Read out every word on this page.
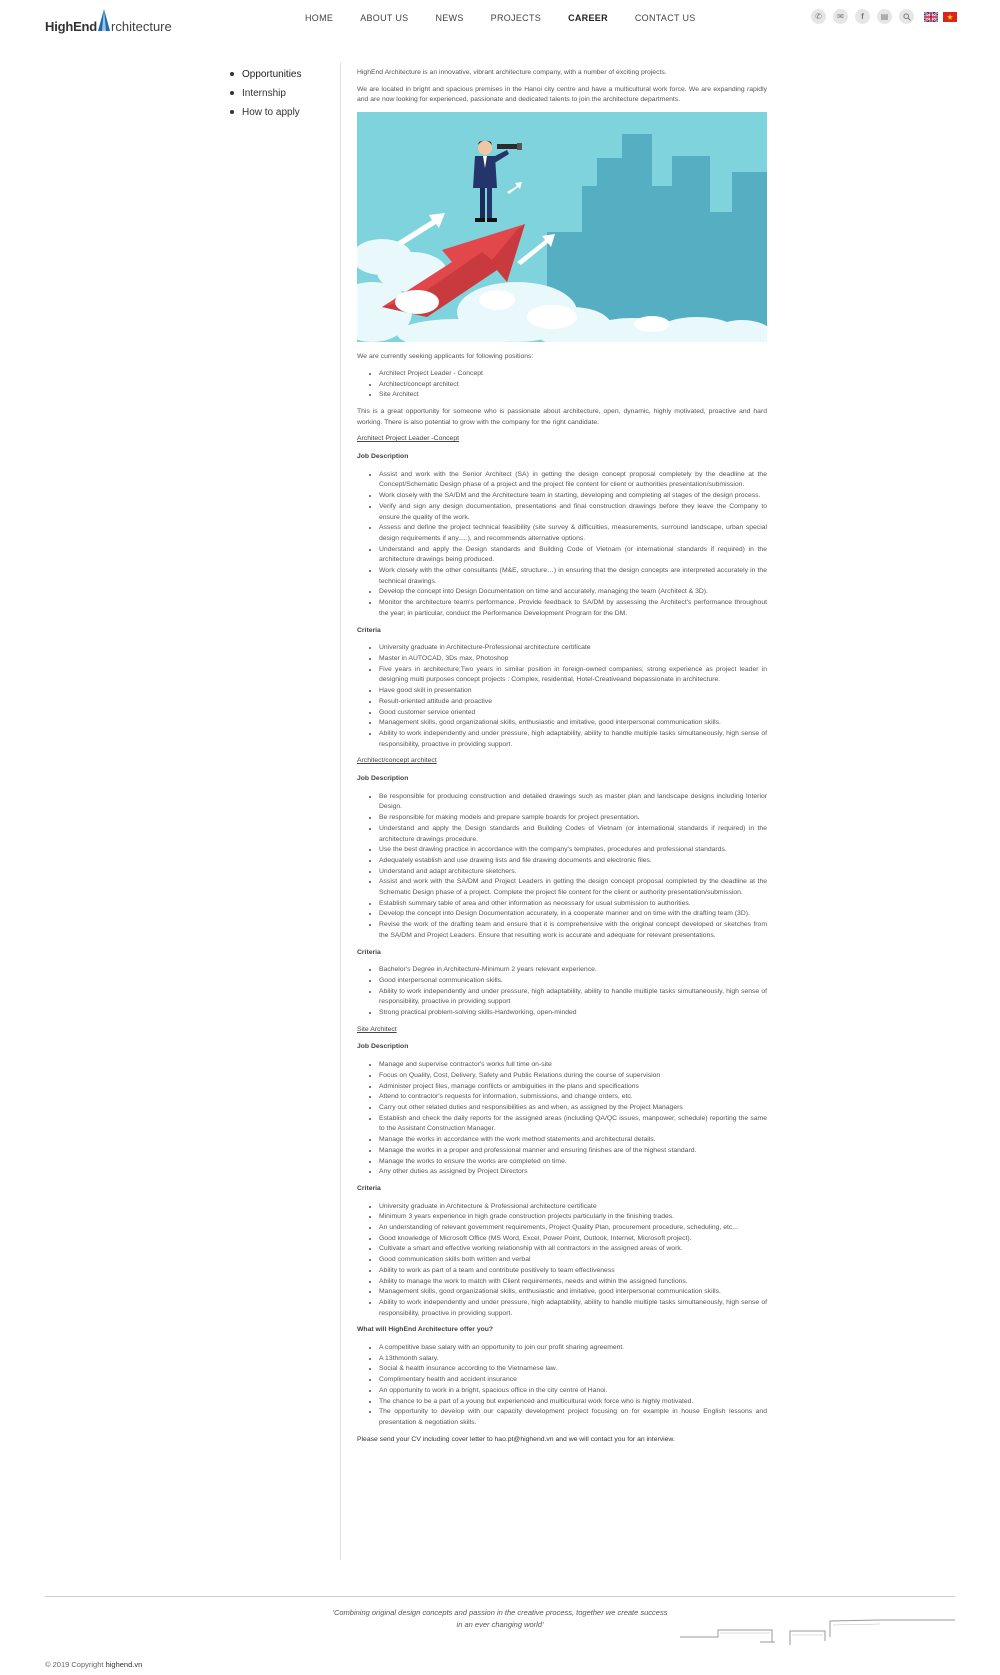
HighEnd rchitecture
HOME	ABOUT US	NEWS	PROJECTS	CAREER	CONTACT US	✆	✉	f	▤
Opportunities
Internship
How to apply

HighEnd Architecture is an innovative, vibrant architecture company, with a number of exciting projects.

We are located in bright and spacious premises in the Hanoi city centre and have a multicultural work force. We are expanding rapidly and are now looking for experienced, passionate and dedicated talents to join the architecture departments.

We are currently seeking applicants for following positions:

• Architect Project Leader - Concept
• Architect/concept architect
• Site Architect

This is a great opportunity for someone who is passionate about architecture, open, dynamic, highly motivated, proactive and hard working. There is also potential to grow with the company for the right candidate.

Architect Project Leader -Concept
Job Description
• Assist and work with the Senior Architect (SA) in getting the design concept proposal completely by the deadline at the Concept/Schematic Design phase of a project and the project file content for client or authorities presentation/submission.
• Work closely with the SA/DM and the Architecture team in starting, developing and completing all stages of the design process.
• Verify and sign any design documentation, presentations and final construction drawings before they leave the Company to ensure the quality of the work.
• Assess and define the project technical feasibility (site survey & difficulties, measurements, surround landscape, urban special design requirements if any.....), and recommends alternative options.
• Understand and apply the Design standards and Building Code of Vietnam (or international standards if required) in the architecture drawings being produced.
• Work closely with the other consultants (M&E, structure…) in ensuring that the design concepts are interpreted accurately in the technical drawings.
• Develop the concept into Design Documentation on time and accurately, managing the team (Architect & 3D).
• Monitor the architecture team's performance. Provide feedback to SA/DM by assessing the Architect's performance throughout the year; in particular, conduct the Performance Development Program for the DM.
Criteria
• University graduate in Architecture-Professional architecture certificate
• Master in AUTOCAD, 3Ds max, Photoshop
• Five years in architecture;Two years in similar position in foreign-owned companies; strong experience as project leader in designing multi purposes concept projects : Complex, residential, Hotel-Creativeand bepassionate in architecture.
• Have good skill in presentation
• Result-oriented attitude and proactive
• Good customer service oriented
• Management skills, good organizational skills, enthusiastic and imitative, good interpersonal communication skills.
• Ability to work independently and under pressure, high adaptability, ability to handle multiple tasks simultaneously, high sense of responsibility, proactive in providing support.
Architect/concept architect
Job Description
• Be responsible for producing construction and detailed drawings such as master plan and landscape designs including Interior Design.
• Be responsible for making models and prepare sample boards for project presentation.
• Understand and apply the Design standards and Building Codes of Vietnam (or international standards if required) in the architecture drawings procedure.
• Use the best drawing practice in accordance with the company's templates, procedures and professional standards.
• Adequately establish and use drawing lists and file drawing documents and electronic files.
• Understand and adapt architecture sketchers.
• Assist and work with the SA/DM and Project Leaders in getting the design concept proposal completed by the deadline at the Schematic Design phase of a project. Complete the project file content for the client or authority presentation/submission.
• Establish summary table of area and other information as necessary for usual submission to authorities.
• Develop the concept into Design Documentation accurately, in a cooperate manner and on time with the drafting team (3D).
• Revise the work of the drafting team and ensure that it is comprehensive with the original concept developed or sketches from the SA/DM and Project Leaders. Ensure that resulting work is accurate and adequate for relevant presentations.
Criteria
• Bachelor's Degree in Architecture-Minimum 2 years relevant experience.
• Good interpersonal communication skills.
• Ability to work independently and under pressure, high adaptability, ability to handle multiple tasks simultaneously, high sense of responsibility, proactive in providing support
• Strong practical problem-solving skills-Hardworking, open-minded
Site Architect
Job Description
• Manage and supervise contractor's works full time on-site
• Focus on Quality, Cost, Delivery, Safety and Public Relations during the course of supervision
• Administer project files, manage conflicts or ambiguities in the plans and specifications
• Attend to contractor's requests for information, submissions, and change orders, etc.
• Carry out other related duties and responsibilities as and when, as assigned by the Project Managers
• Establish and check the daily reports for the assigned areas (including QA/QC issues, manpower, schedule) reporting the same to the Assistant Construction Manager.
• Manage the works in accordance with the work method statements and architectural details.
• Manage the works in a proper and professional manner and ensuring finishes are of the highest standard.
• Manage the works to ensure the works are completed on time.
• Any other duties as assigned by Project Directors
Criteria
• University graduate in Architecture & Professional architecture certificate
• Minimum 3 years experience in high grade construction projects particularly in the finishing trades.
• An understanding of relevant government requirements, Project Quality Plan, procurement procedure, scheduling, etc...
• Good knowledge of Microsoft Office (MS Word, Excel, Power Point, Outlook, Internet, Microsoft project).
• Cultivate a smart and effective working relationship with all contractors in the assigned areas of work.
• Good communication skills both written and verbal
• Ability to work as part of a team and contribute positively to team effectiveness
• Ability to manage the work to match with Client requirements, needs and within the assigned functions.
• Management skills, good organizational skills, enthusiastic and imitative, good interpersonal communication skills.
• Ability to work independently and under pressure, high adaptability, ability to handle multiple tasks simultaneously, high sense of responsibility, proactive in providing support.
What will HighEnd Architecture offer you?
• A competitive base salary with an opportunity to join our profit sharing agreement.
• A 13thmonth salary.
• Social & health insurance according to the Vietnamese law.
• Complimentary health and accident insurance
• An opportunity to work in a bright, spacious office in the city centre of Hanoi.
• The chance to be a part of a young but experienced and multicultural work force who is highly motivated.
• The opportunity to develop with our capacity development project focusing on for example in house English lessons and presentation & negotiation skills.

Please send your CV including cover letter to hao.pt@highend.vn and we will contact you for an interview.

'Combining original design concepts and passion in the creative process, together we create success
in an ever changing world'
© 2019 Copyright highend.vn
